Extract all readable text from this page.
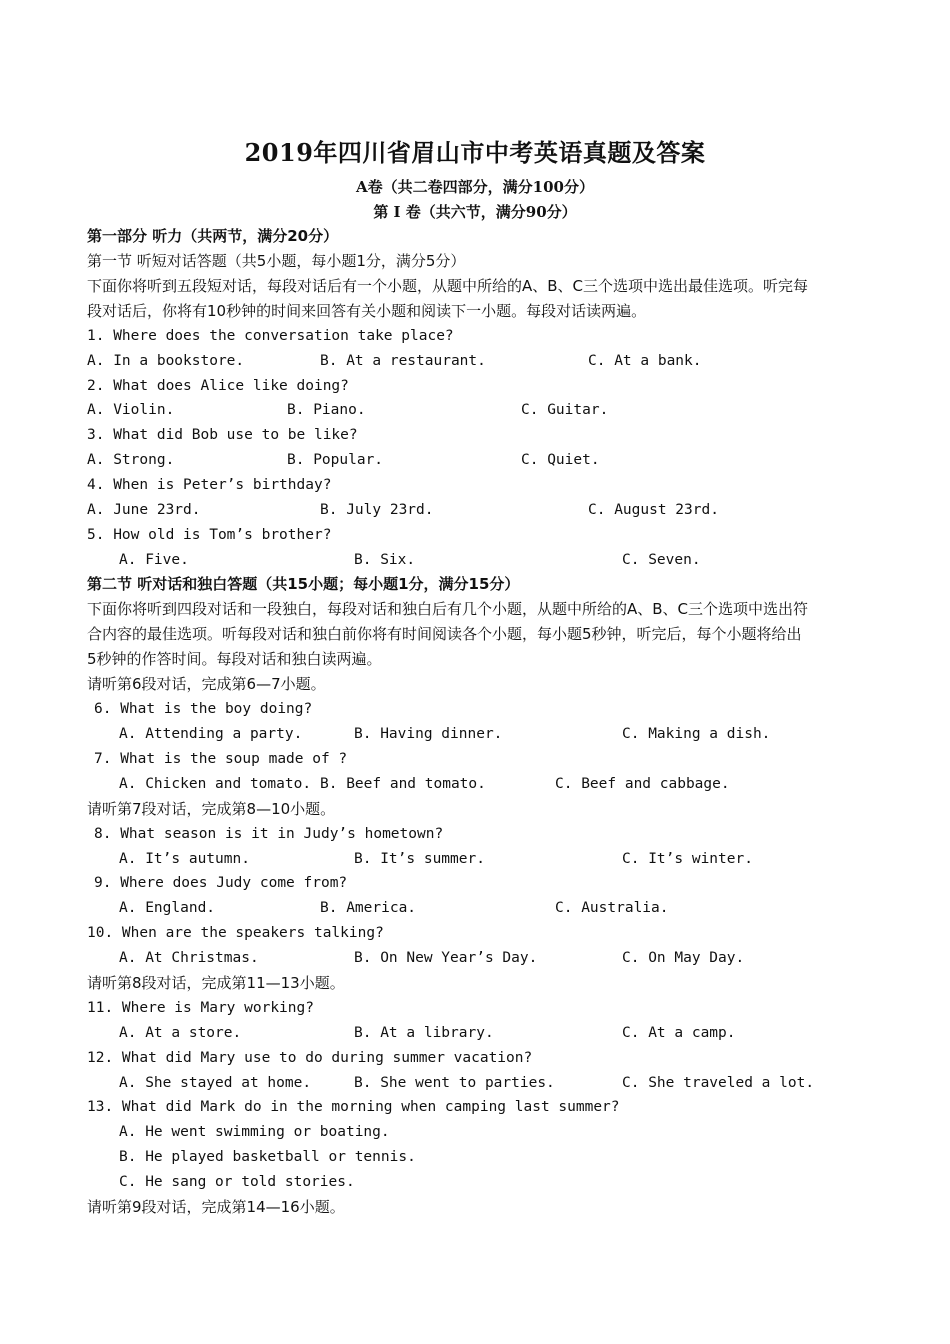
2019年四川省眉山市中考英语真题及答案
A卷（共二卷四部分，满分100分）
第 I 卷（共六节，满分90分）
第一部分 听力（共两节，满分20分）
第一节 听短对话答题（共5小题，每小题1分，满分5分）
下面你将听到五段短对话，每段对话后有一个小题，从题中所给的A、B、C三个选项中选出最佳选项。听完每
段对话后，你将有10秒钟的时间来回答有关小题和阅读下一小题。每段对话读两遍。
1. Where does the conversation take place?
A. In a bookstore.	B. At a restaurant.	C. At a bank.
2. What does Alice like doing?
A. Violin.	B. Piano.	C. Guitar.
3. What did Bob use to be like?
A. Strong.	B. Popular.	C. Quiet.
4. When is Peter’s birthday?
A. June 23rd.	B. July 23rd.	C. August 23rd.
5. How old is Tom’s brother?
A. Five.	B. Six.	C. Seven.
第二节 听对话和独白答题（共15小题；每小题1分，满分15分）
下面你将听到四段对话和一段独白，每段对话和独白后有几个小题，从题中所给的A、B、C三个选项中选出符
合内容的最佳选项。听每段对话和独白前你将有时间阅读各个小题，每小题5秒钟，听完后，每个小题将给出
5秒钟的作答时间。每段对话和独白读两遍。
请听第6段对话，完成第6—7小题。
6. What is the boy doing?
A. Attending a party.	B. Having dinner.	C. Making a dish.
7. What is the soup made of ?
A. Chicken and tomato. B. Beef and tomato.	C. Beef and cabbage.
请听第7段对话，完成第8—10小题。
8. What season is it in Judy’s hometown?
A. It’s autumn.	B. It’s summer.	C. It’s winter.
9. Where does Judy come from?
A. England.	B. America.	C. Australia.
10. When are the speakers talking?
A. At Christmas.	B. On New Year’s Day.	C. On May Day.
请听第8段对话，完成第11—13小题。
11. Where is Mary working?
A. At a store.	B. At a library.	C. At a camp.
12. What did Mary use to do during summer vacation?
A. She stayed at home.	B. She went to parties.	C. She traveled a lot.
13. What did Mark do in the morning when camping last summer?
A. He went swimming or boating.
B. He played basketball or tennis.
C. He sang or told stories.
请听第9段对话，完成第14—16小题。
